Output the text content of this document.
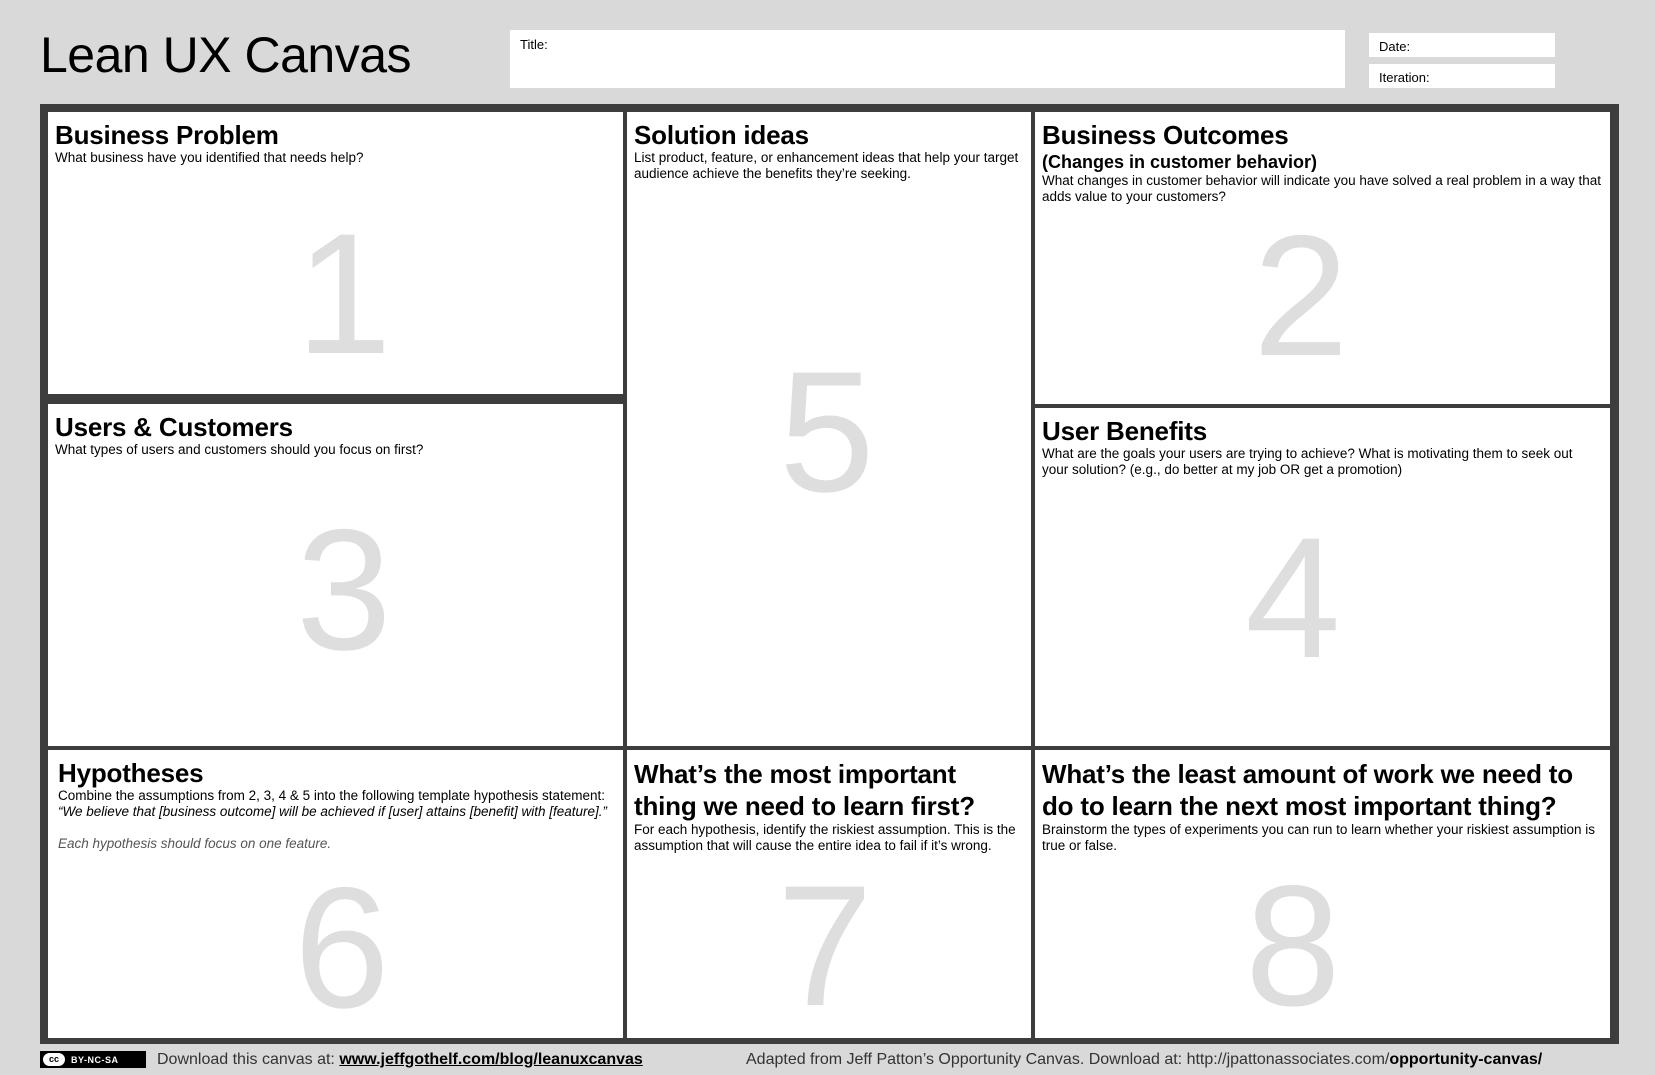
Lean UX Canvas	Title:	Date:
Iteration:
Business Problem

What business have you identified that needs help?

1
Users & Customers

What types of users and customers should you focus on first?

3
Solution ideas

List product, feature, or enhancement ideas that help your target audience achieve the benefits they’re seeking.

5
Business Outcomes
(Changes in customer behavior)

What changes in customer behavior will indicate you have solved a real problem in a way that adds value to your customers?

2
User Benefits

What are the goals your users are trying to achieve? What is motivating them to seek out your solution? (e.g., do better at my job OR get a promotion)

4
Hypotheses

Combine the assumptions from 2, 3, 4 & 5 into the following template hypothesis statement:

“We believe that [business outcome] will be achieved if [user] attains [benefit] with [feature].”

Each hypothesis should focus on one feature.

6
What’s the most important thing we need to learn first?

For each hypothesis, identify the riskiest assumption. This is the assumption that will cause the entire idea to fail if it’s wrong.

7
What’s the least amount of work we need to do to learn the next most important thing?

Brainstorm the types of experiments you can run to learn whether your riskiest assumption is true or false.

8
cc	BY-NC-SA Download this canvas at: www.jeffgothelf.com/blog/leanuxcanvas	Adapted from Jeff Patton’s Opportunity Canvas. Download at: http://jpattonassociates.com/opportunity-canvas/
